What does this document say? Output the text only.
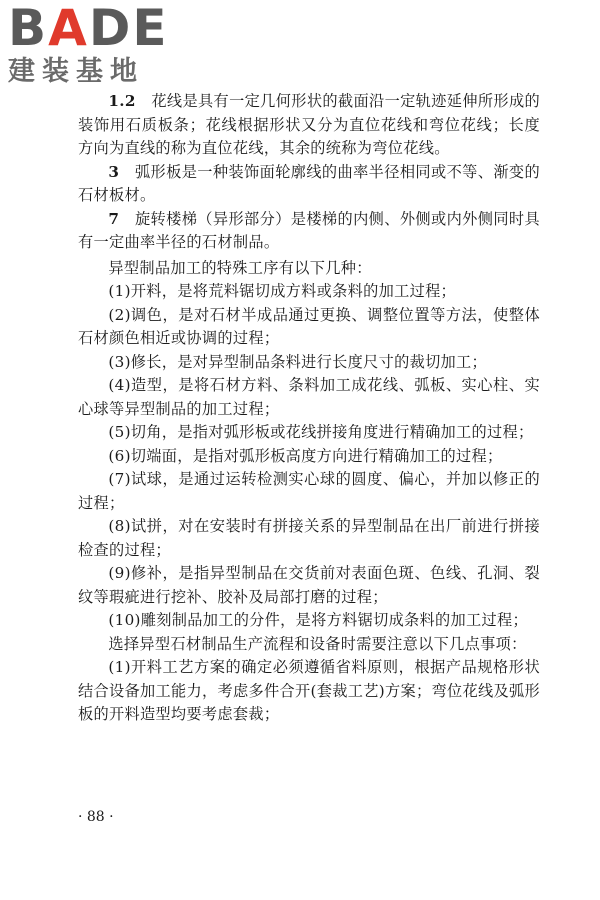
BADE
建装基地

1.2　 花线是具有一定几何形状的截面沿一定轨迹延伸所形成的装饰用石质板条；花线根据形状又分为直位花线和弯位花线；长度方向为直线的称为直位花线，其余的统称为弯位花线。

3　 弧形板是一种装饰面轮廓线的曲率半径相同或不等、渐变的石材板材。

7　 旋转楼梯（异形部分）是楼梯的内侧、外侧或内外侧同时具有一定曲率半径的石材制品。

异型制品加工的特殊工序有以下几种：

(1)开料，是将荒料锯切成方料或条料的加工过程；

(2)调色，是对石材半成品通过更换、调整位置等方法，使整体石材颜色相近或协调的过程；

(3)修长，是对异型制品条料进行长度尺寸的裁切加工；

(4)造型，是将石材方料、条料加工成花线、弧板、实心柱、实心球等异型制品的加工过程；

(5)切角，是指对弧形板或花线拼接角度进行精确加工的过程；

(6)切端面，是指对弧形板高度方向进行精确加工的过程；

(7)试球，是通过运转检测实心球的圆度、偏心，并加以修正的过程；

(8)试拼，对在安装时有拼接关系的异型制品在出厂前进行拼接检查的过程；

(9)修补，是指异型制品在交货前对表面色斑、色线、孔洞、裂纹等瑕疵进行挖补、胶补及局部打磨的过程；

(10)雕刻制品加工的分件，是将方料锯切成条料的加工过程；

选择异型石材制品生产流程和设备时需要注意以下几点事项：

(1)开料工艺方案的确定必须遵循省料原则，根据产品规格形状结合设备加工能力，考虑多件合开(套裁工艺)方案；弯位花线及弧形板的开料造型均要考虑套裁；

· 88 ·
